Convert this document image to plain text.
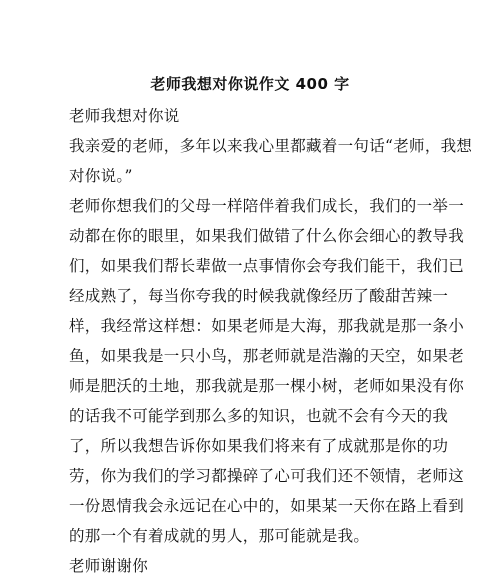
老师我想对你说作文 400 字
老师我想对你说
我亲爱的老师，多年以来我心里都藏着一句话“老师，我想
对你说。”
老师你想我们的父母一样陪伴着我们成长，我们的一举一
动都在你的眼里，如果我们做错了什么你会细心的教导我
们，如果我们帮长辈做一点事情你会夸我们能干，我们已
经成熟了，每当你夸我的时候我就像经历了酸甜苦辣一
样，我经常这样想：如果老师是大海，那我就是那一条小
鱼，如果我是一只小鸟，那老师就是浩瀚的天空，如果老
师是肥沃的土地，那我就是那一棵小树，老师如果没有你
的话我不可能学到那么多的知识，也就不会有今天的我
了，所以我想告诉你如果我们将来有了成就那是你的功
劳，你为我们的学习都操碎了心可我们还不领情，老师这
一份恩情我会永远记在心中的，如果某一天你在路上看到
的那一个有着成就的男人，那可能就是我。
老师谢谢你
